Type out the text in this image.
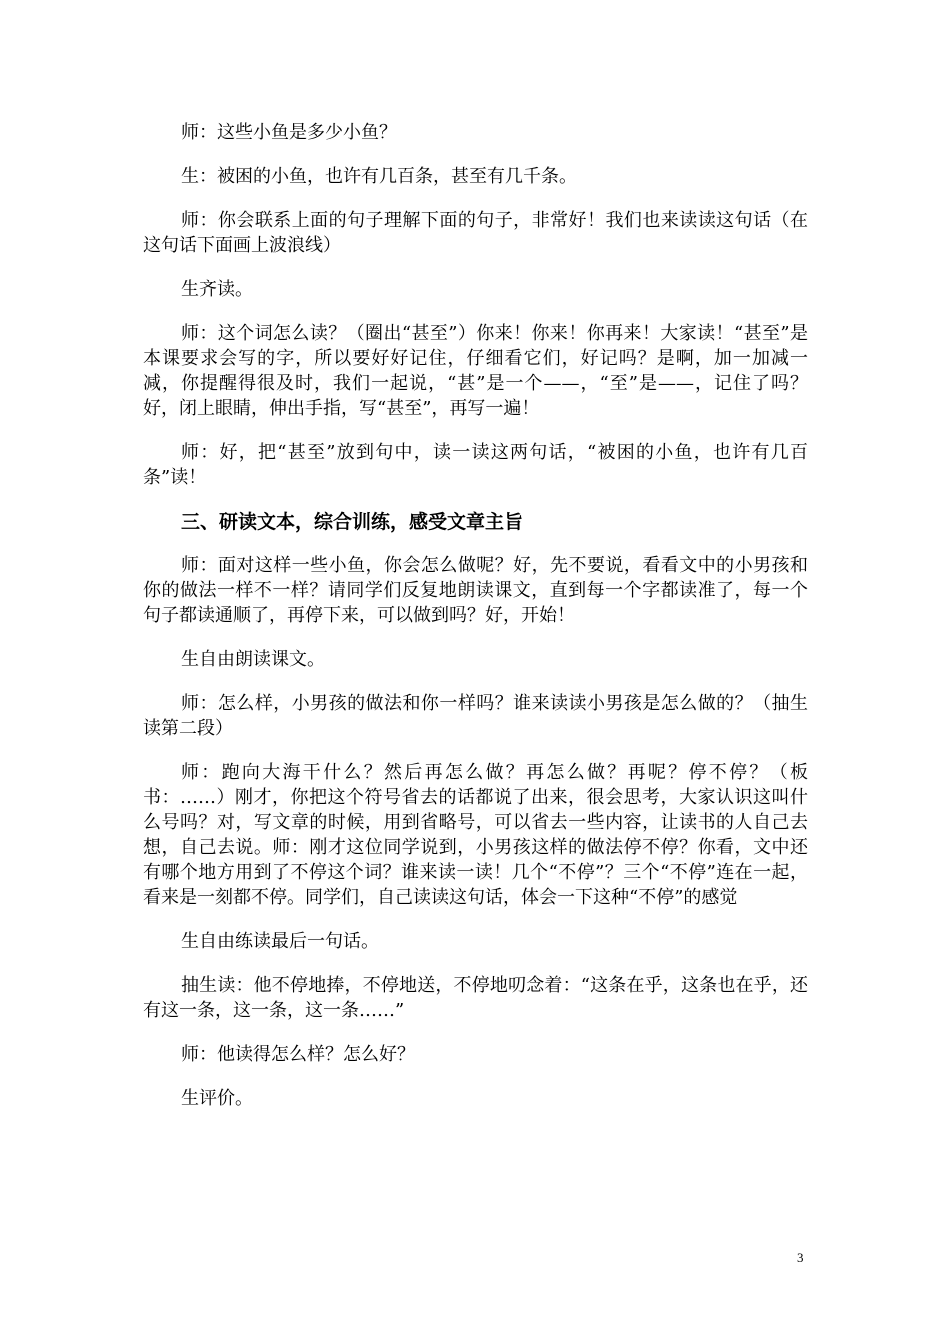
师：这些小鱼是多少小鱼？

生：被困的小鱼，也许有几百条，甚至有几千条。

师：你会联系上面的句子理解下面的句子，非常好！我们也来读读这句话（在这句话下面画上波浪线）

生齐读。

师：这个词怎么读？（圈出“甚至”）你来！你来！你再来！大家读！“甚至”是本课要求会写的字，所以要好好记住，仔细看它们，好记吗？是啊，加一加减一减，你提醒得很及时，我们一起说，“甚”是一个——，“至”是——，记住了吗？好，闭上眼睛，伸出手指，写“甚至”，再写一遍！

师：好，把“甚至”放到句中，读一读这两句话，“被困的小鱼，也许有几百条”读！

三、研读文本，综合训练，感受文章主旨

师：面对这样一些小鱼，你会怎么做呢？好，先不要说，看看文中的小男孩和你的做法一样不一样？请同学们反复地朗读课文，直到每一个字都读准了，每一个句子都读通顺了，再停下来，可以做到吗？好，开始！

生自由朗读课文。

师：怎么样，小男孩的做法和你一样吗？谁来读读小男孩是怎么做的？（抽生读第二段）

师：跑向大海干什么？然后再怎么做？再怎么做？再呢？停不停？（板书：……）刚才，你把这个符号省去的话都说了出来，很会思考，大家认识这叫什么号吗？对，写文章的时候，用到省略号，可以省去一些内容，让读书的人自己去想，自己去说。师：刚才这位同学说到，小男孩这样的做法停不停？你看，文中还有哪个地方用到了不停这个词？谁来读一读！几个“不停”？三个“不停”连在一起，看来是一刻都不停。同学们，自己读读这句话，体会一下这种“不停”的感觉

生自由练读最后一句话。

抽生读：他不停地捧，不停地送，不停地叨念着：“这条在乎，这条也在乎，还有这一条，这一条，这一条……”

师：他读得怎么样？怎么好？

生评价。

3
